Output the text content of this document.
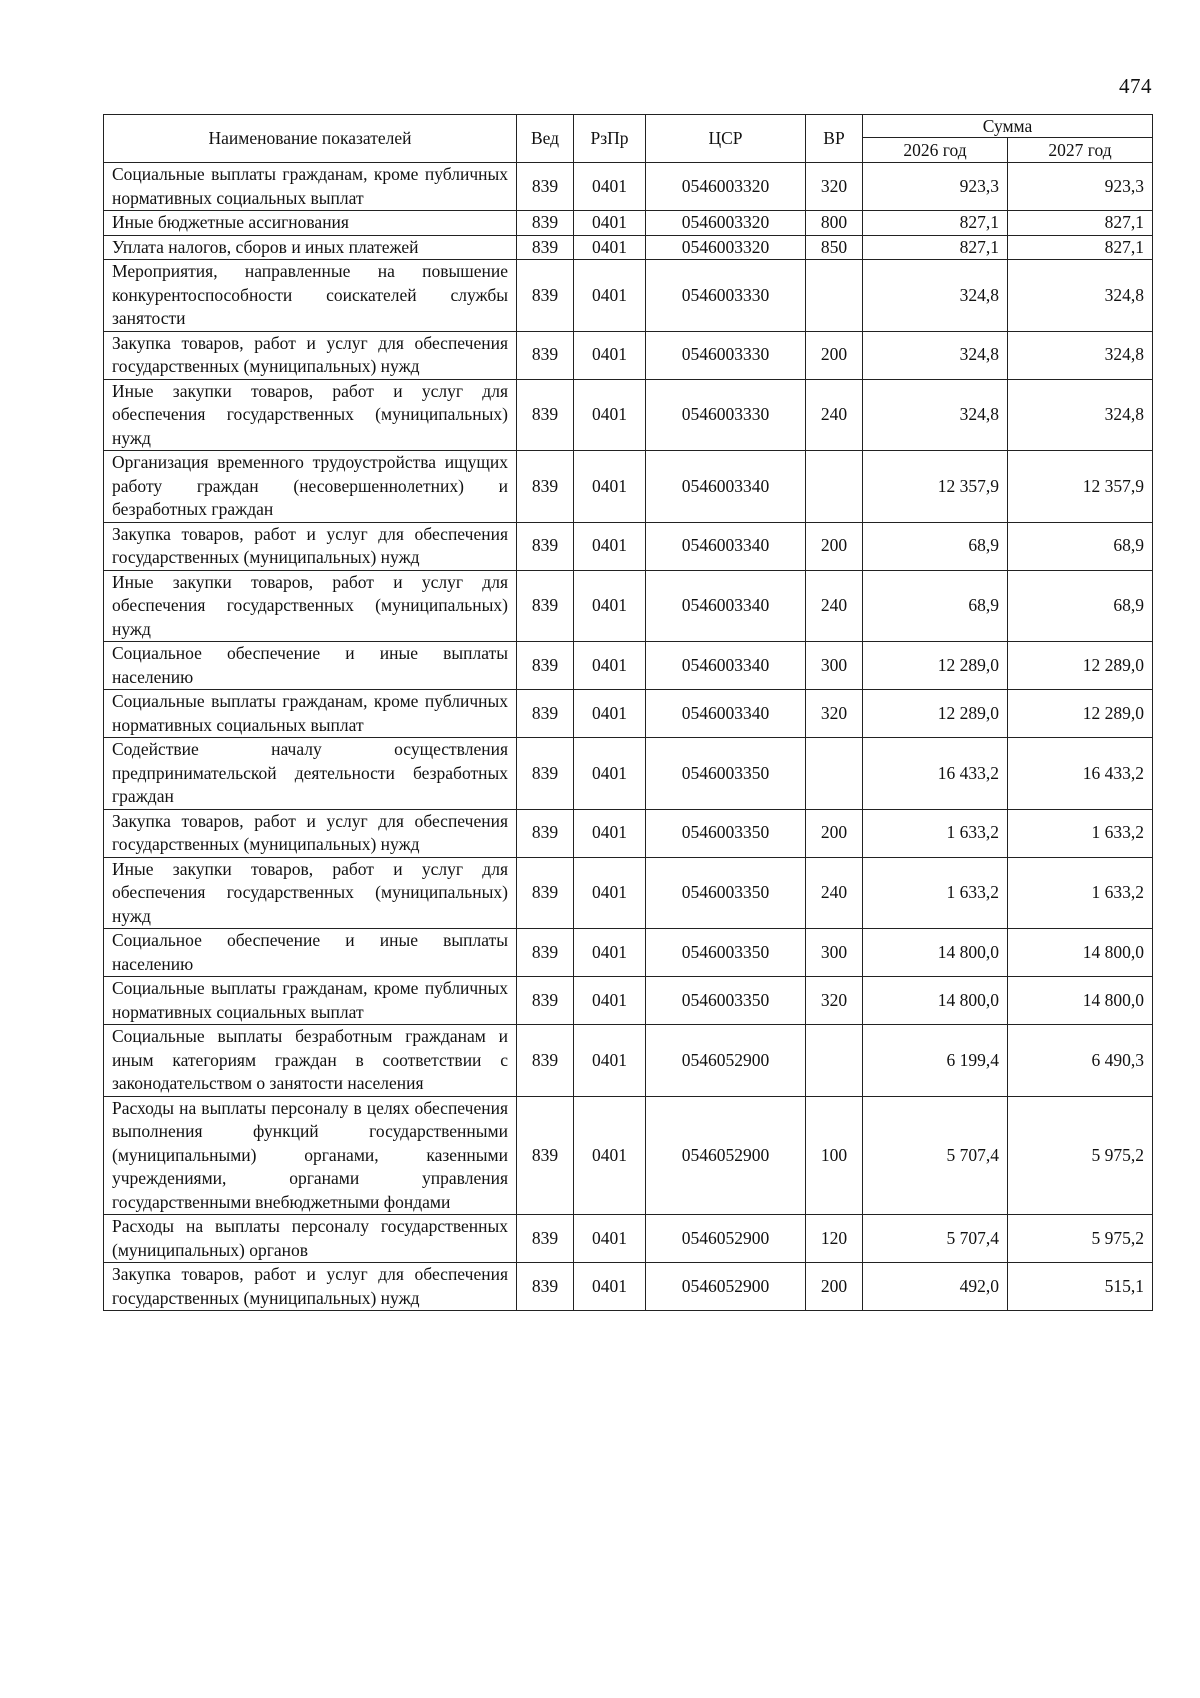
474
Наименование показателей	Вед	РзПр	ЦСР	ВР	Сумма	
					2026 год	2027 год
Социальные выплаты гражданам, кроме публичных нормативных социальных выплат	839	0401	0546003320	320	923,3	923,3
Иные бюджетные ассигнования	839	0401	0546003320	800	827,1	827,1
Уплата налогов, сборов и иных платежей	839	0401	0546003320	850	827,1	827,1
Мероприятия, направленные на повышение конкурентоспособности соискателей службы занятости	839	0401	0546003330		324,8	324,8
Закупка товаров, работ и услуг для обеспечения государственных (муниципальных) нужд	839	0401	0546003330	200	324,8	324,8
Иные закупки товаров, работ и услуг для обеспечения государственных (муниципальных) нужд	839	0401	0546003330	240	324,8	324,8
Организация временного трудоустройства ищущих работу граждан (несовершеннолетних) и безработных граждан	839	0401	0546003340		12 357,9	12 357,9
Закупка товаров, работ и услуг для обеспечения государственных (муниципальных) нужд	839	0401	0546003340	200	68,9	68,9
Иные закупки товаров, работ и услуг для обеспечения государственных (муниципальных) нужд	839	0401	0546003340	240	68,9	68,9
Социальное обеспечение и иные выплаты населению	839	0401	0546003340	300	12 289,0	12 289,0
Социальные выплаты гражданам, кроме публичных нормативных социальных выплат	839	0401	0546003340	320	12 289,0	12 289,0
Содействие началу осуществления предпринимательской деятельности безработных граждан	839	0401	0546003350		16 433,2	16 433,2
Закупка товаров, работ и услуг для обеспечения государственных (муниципальных) нужд	839	0401	0546003350	200	1 633,2	1 633,2
Иные закупки товаров, работ и услуг для обеспечения государственных (муниципальных) нужд	839	0401	0546003350	240	1 633,2	1 633,2
Социальное обеспечение и иные выплаты населению	839	0401	0546003350	300	14 800,0	14 800,0
Социальные выплаты гражданам, кроме публичных нормативных социальных выплат	839	0401	0546003350	320	14 800,0	14 800,0
Социальные выплаты безработным гражданам и иным категориям граждан в соответствии с законодательством о занятости населения	839	0401	0546052900		6 199,4	6 490,3
Расходы на выплаты персоналу в целях обеспечения выполнения функций государственными (муниципальными) органами, казенными учреждениями, органами управления государственными внебюджетными фондами	839	0401	0546052900	100	5 707,4	5 975,2
Расходы на выплаты персоналу государственных (муниципальных) органов	839	0401	0546052900	120	5 707,4	5 975,2
Закупка товаров, работ и услуг для обеспечения государственных (муниципальных) нужд	839	0401	0546052900	200	492,0	515,1
